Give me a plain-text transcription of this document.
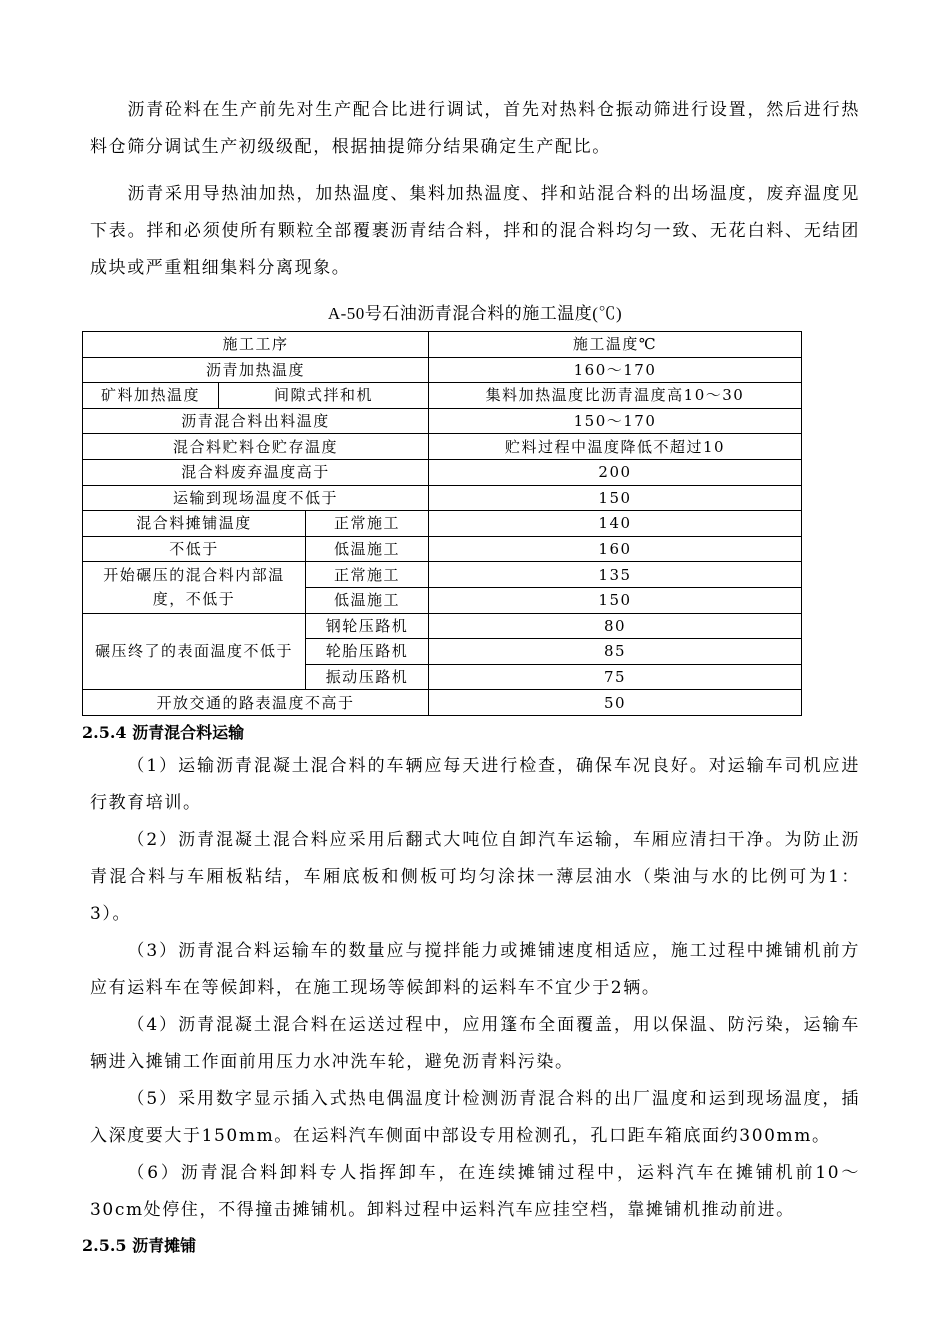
沥青砼料在生产前先对生产配合比进行调试，首先对热料仓振动筛进行设置，然后进行热料仓筛分调试生产初级级配，根据抽提筛分结果确定生产配比。

沥青采用导热油加热，加热温度、集料加热温度、拌和站混合料的出场温度，废弃温度见下表。拌和必须使所有颗粒全部覆裹沥青结合料，拌和的混合料均匀一致、无花白料、无结团成块或严重粗细集料分离现象。

A-50号石油沥青混合料的施工温度(℃)
施工工序			施工温度℃
沥青加热温度			160～170
矿料加热温度	间隙式拌和机		集料加热温度比沥青温度高10～30
沥青混合料出料温度			150～170
混合料贮料仓贮存温度			贮料过程中温度降低不超过10
混合料废弃温度高于			200
运输到现场温度不低于			150
混合料摊铺温度		正常施工	140
不低于		低温施工	160
开始碾压的混合料内部温度，不低于		正常施工	135
		低温施工	150
碾压终了的表面温度不低于		钢轮压路机	80
		轮胎压路机	85
		振动压路机	75
开放交通的路表温度不高于			50
2.5.4 沥青混合料运输

（1）运输沥青混凝土混合料的车辆应每天进行检查，确保车况良好。对运输车司机应进行教育培训。

（2）沥青混凝土混合料应采用后翻式大吨位自卸汽车运输，车厢应清扫干净。为防止沥青混合料与车厢板粘结，车厢底板和侧板可均匀涂抹一薄层油水（柴油与水的比例可为1：3）。

（3）沥青混合料运输车的数量应与搅拌能力或摊铺速度相适应，施工过程中摊铺机前方应有运料车在等候卸料，在施工现场等候卸料的运料车不宜少于2辆。

（4）沥青混凝土混合料在运送过程中，应用篷布全面覆盖，用以保温、防污染，运输车辆进入摊铺工作面前用压力水冲洗车轮，避免沥青料污染。

（5）采用数字显示插入式热电偶温度计检测沥青混合料的出厂温度和运到现场温度，插入深度要大于150mm。在运料汽车侧面中部设专用检测孔，孔口距车箱底面约300mm。

（6）沥青混合料卸料专人指挥卸车，在连续摊铺过程中，运料汽车在摊铺机前10～30cm处停住，不得撞击摊铺机。卸料过程中运料汽车应挂空档，靠摊铺机推动前进。

2.5.5 沥青摊铺
